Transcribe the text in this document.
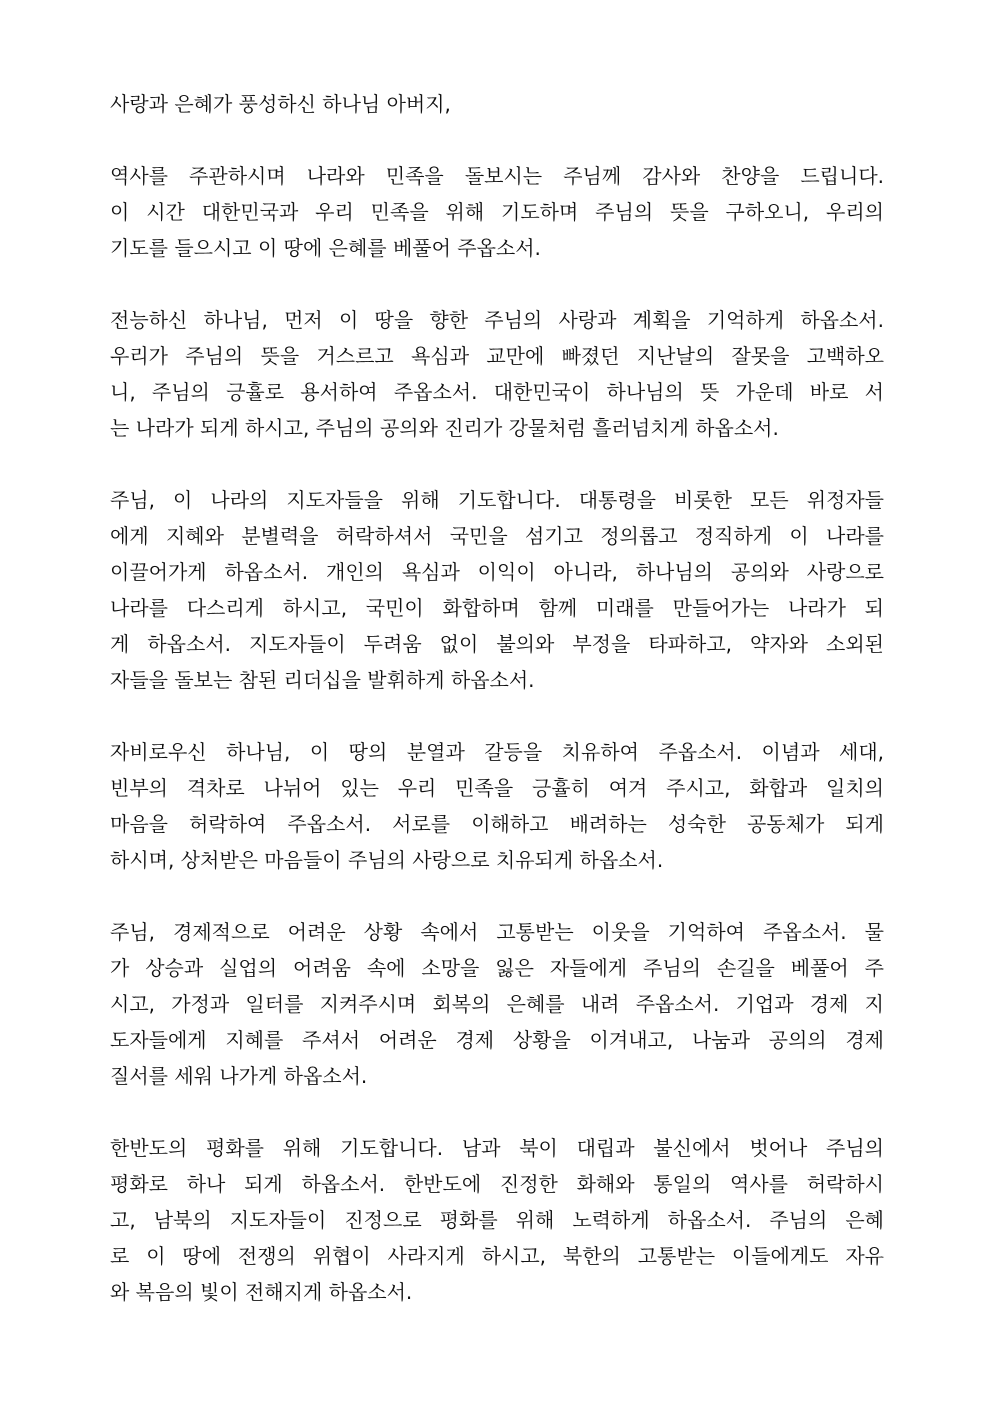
사랑과 은혜가 풍성하신 하나님 아버지,
역사를 주관하시며 나라와 민족을 돌보시는 주님께 감사와 찬양을 드립니다.
이 시간 대한민국과 우리 민족을 위해 기도하며 주님의 뜻을 구하오니, 우리의
기도를 들으시고 이 땅에 은혜를 베풀어 주옵소서.
전능하신 하나님, 먼저 이 땅을 향한 주님의 사랑과 계획을 기억하게 하옵소서.
우리가 주님의 뜻을 거스르고 욕심과 교만에 빠졌던 지난날의 잘못을 고백하오
니, 주님의 긍휼로 용서하여 주옵소서. 대한민국이 하나님의 뜻 가운데 바로 서
는 나라가 되게 하시고, 주님의 공의와 진리가 강물처럼 흘러넘치게 하옵소서.
주님, 이 나라의 지도자들을 위해 기도합니다. 대통령을 비롯한 모든 위정자들
에게 지혜와 분별력을 허락하셔서 국민을 섬기고 정의롭고 정직하게 이 나라를
이끌어가게 하옵소서. 개인의 욕심과 이익이 아니라, 하나님의 공의와 사랑으로
나라를 다스리게 하시고, 국민이 화합하며 함께 미래를 만들어가는 나라가 되
게 하옵소서. 지도자들이 두려움 없이 불의와 부정을 타파하고, 약자와 소외된
자들을 돌보는 참된 리더십을 발휘하게 하옵소서.
자비로우신 하나님, 이 땅의 분열과 갈등을 치유하여 주옵소서. 이념과 세대,
빈부의 격차로 나뉘어 있는 우리 민족을 긍휼히 여겨 주시고, 화합과 일치의
마음을 허락하여 주옵소서. 서로를 이해하고 배려하는 성숙한 공동체가 되게
하시며, 상처받은 마음들이 주님의 사랑으로 치유되게 하옵소서.
주님, 경제적으로 어려운 상황 속에서 고통받는 이웃을 기억하여 주옵소서. 물
가 상승과 실업의 어려움 속에 소망을 잃은 자들에게 주님의 손길을 베풀어 주
시고, 가정과 일터를 지켜주시며 회복의 은혜를 내려 주옵소서. 기업과 경제 지
도자들에게 지혜를 주셔서 어려운 경제 상황을 이겨내고, 나눔과 공의의 경제
질서를 세워 나가게 하옵소서.
한반도의 평화를 위해 기도합니다. 남과 북이 대립과 불신에서 벗어나 주님의
평화로 하나 되게 하옵소서. 한반도에 진정한 화해와 통일의 역사를 허락하시
고, 남북의 지도자들이 진정으로 평화를 위해 노력하게 하옵소서. 주님의 은혜
로 이 땅에 전쟁의 위협이 사라지게 하시고, 북한의 고통받는 이들에게도 자유
와 복음의 빛이 전해지게 하옵소서.
